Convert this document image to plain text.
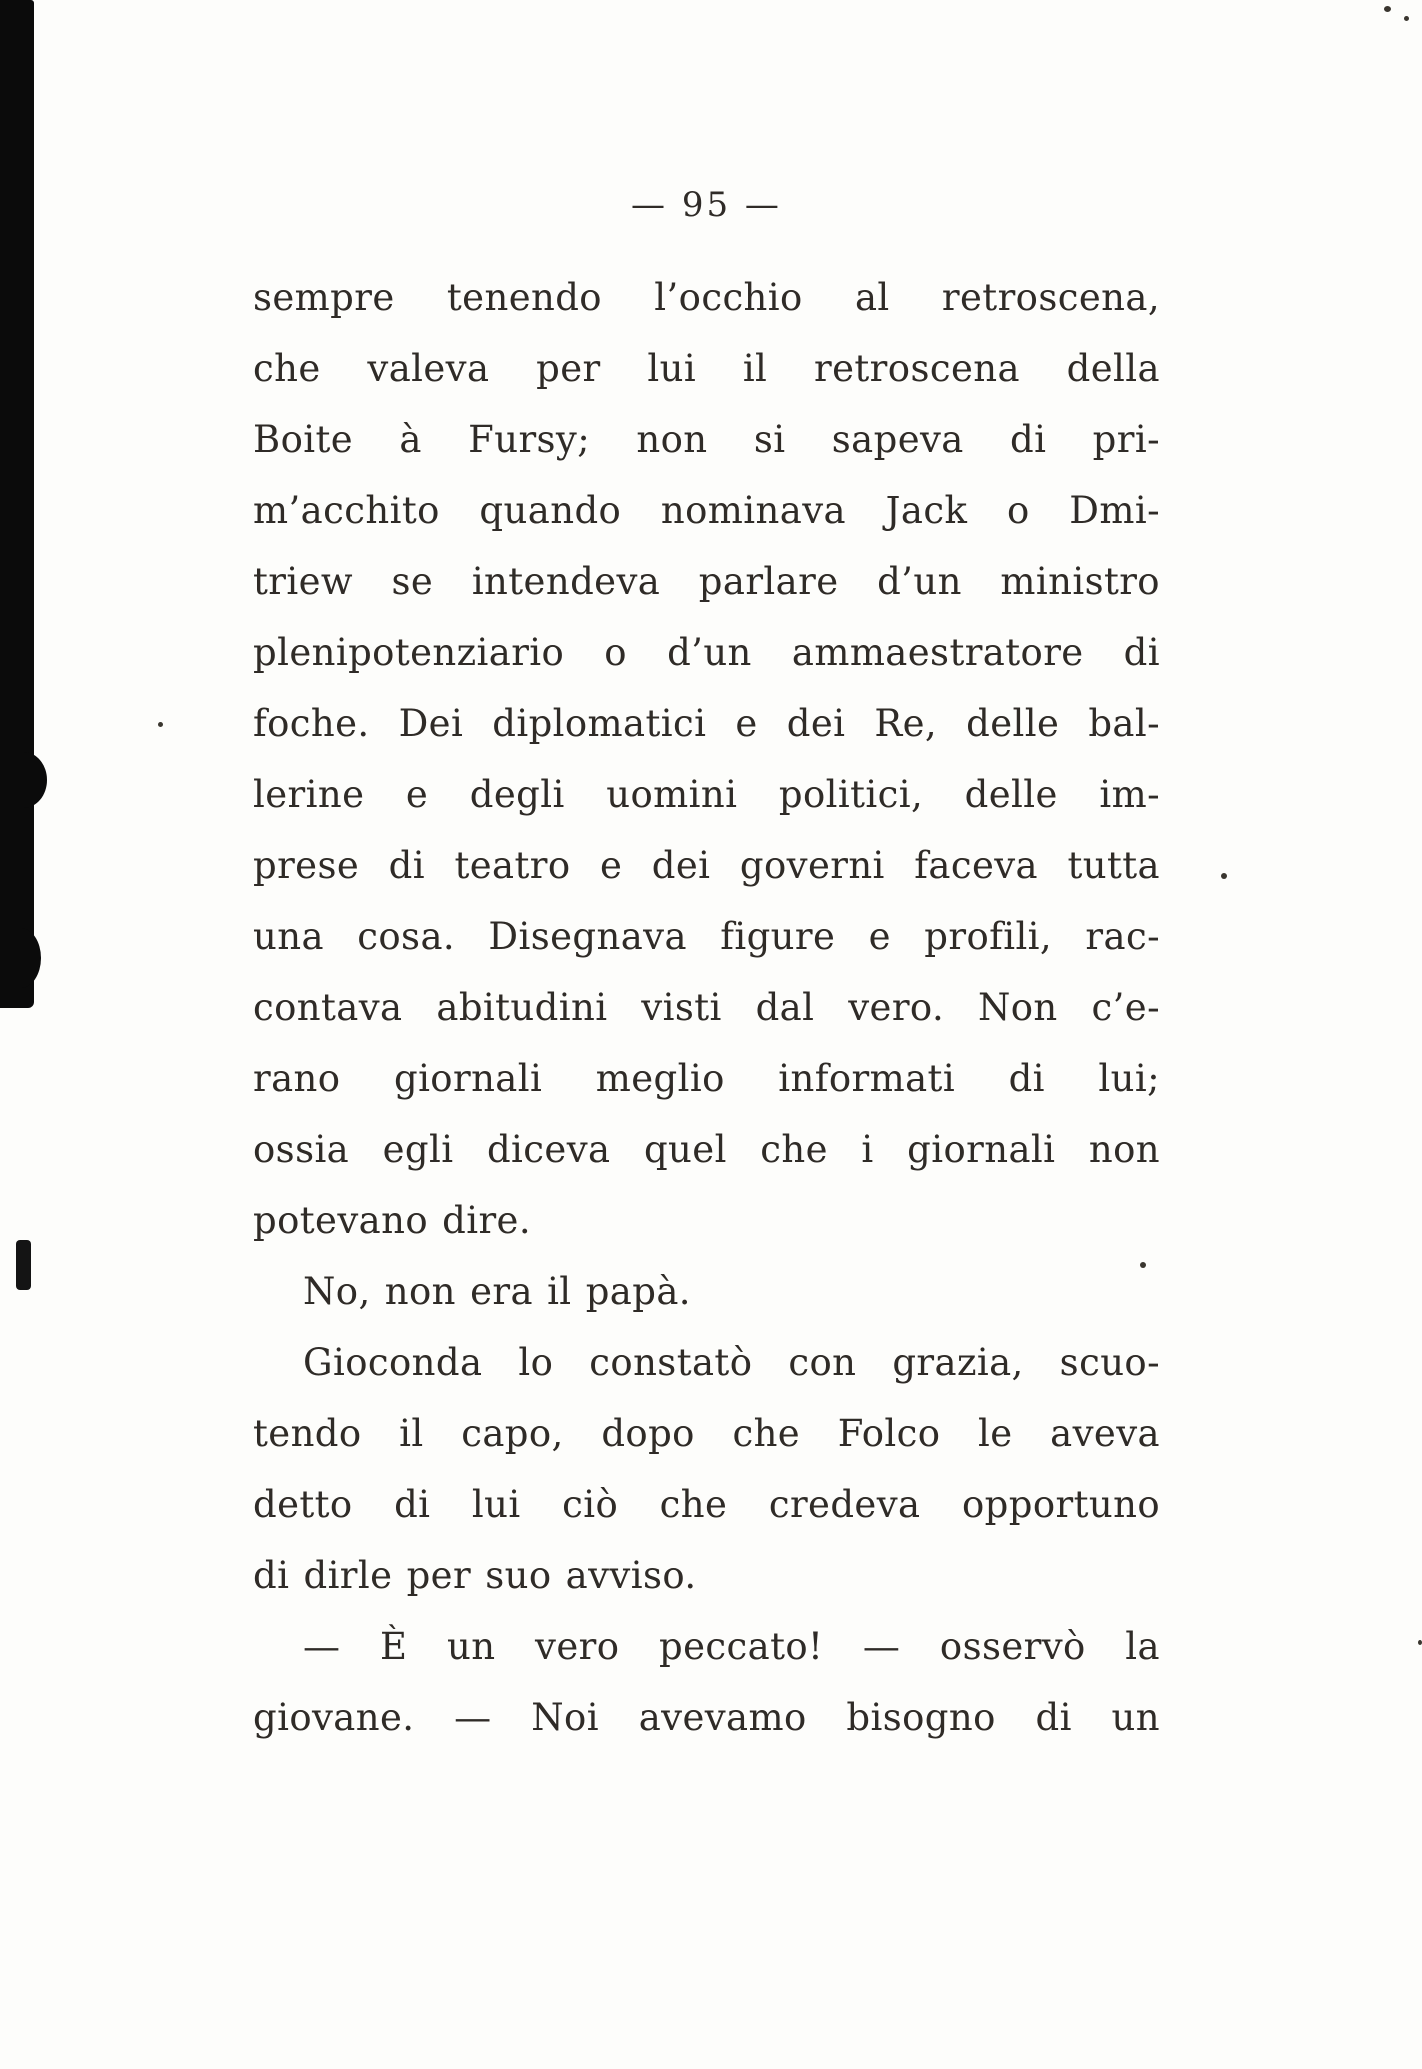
— 95 —
sempre tenendo l’occhio al retroscena,
che valeva per lui il retroscena della
Boite à Fursy; non si sapeva di pri-
m’acchito quando nominava Jack o Dmi-
triew se intendeva parlare d’un ministro
plenipotenziario o d’un ammaestratore di
foche. Dei diplomatici e dei Re, delle bal-
lerine e degli uomini politici, delle im-
prese di teatro e dei governi faceva tutta
una cosa. Disegnava figure e profili, rac-
contava abitudini visti dal vero. Non c’e-
rano giornali meglio informati di lui;
ossia egli diceva quel che i giornali non
potevano dire.
No, non era il papà.
Gioconda lo constatò con grazia, scuo-
tendo il capo, dopo che Folco le aveva
detto di lui ciò che credeva opportuno
di dirle per suo avviso.
— È un vero peccato! — osservò la
giovane. — Noi avevamo bisogno di un
